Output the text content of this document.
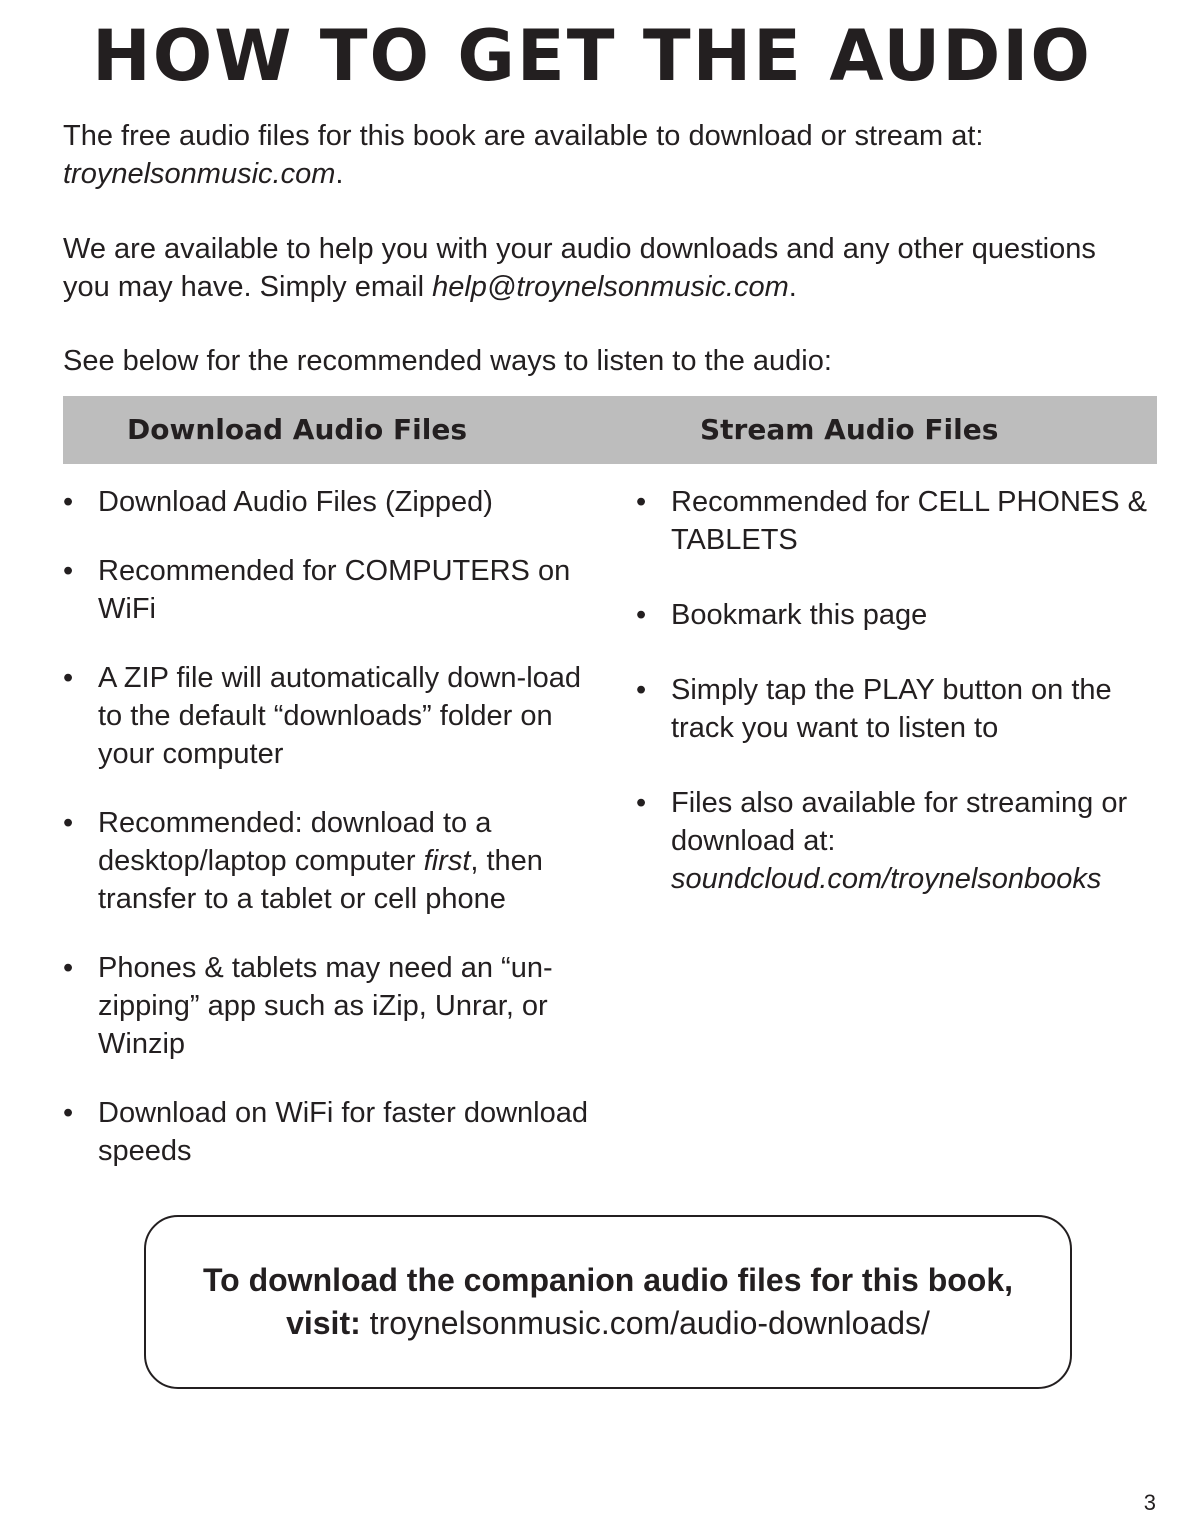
HOW TO GET THE AUDIO

The free audio files for this book are available to download or stream at:
troynelsonmusic.com.

We are available to help you with your audio downloads and any other questions you may have. Simply email help@troynelsonmusic.com.

See below for the recommended ways to listen to the audio:

Download Audio Files	Stream Audio Files
• Download Audio Files (Zipped)
• Recommended for COMPUTERS on WiFi
• A ZIP file will automatically down-load to the default “downloads” folder on your computer
• Recommended: download to a desktop/laptop computer first, then transfer to a tablet or cell phone
• Phones & tablets may need an “un-zipping” app such as iZip, Unrar, or Winzip
• Download on WiFi for faster download speeds
• Recommended for CELL PHONES & TABLETS
• Bookmark this page
• Simply tap the PLAY button on the track you want to listen to
• Files also available for streaming or download at:
soundcloud.com/troynelsonbooks

To download the companion audio files for this book,

visit: troynelsonmusic.com/audio-downloads/

3
